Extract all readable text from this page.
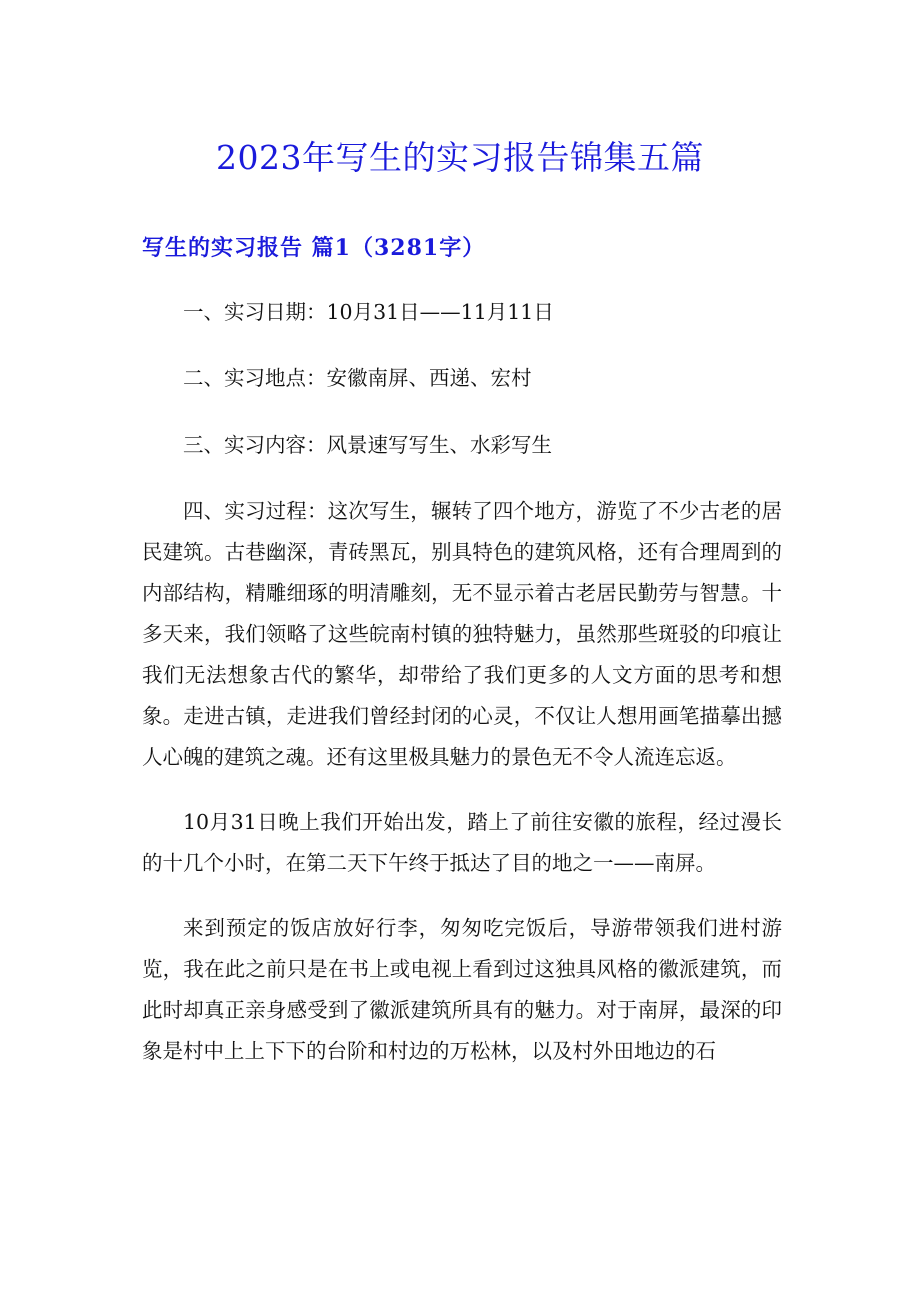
2023年写生的实习报告锦集五篇
写生的实习报告 篇1（3281字）

一、实习日期：10月31日——11月11日

二、实习地点：安徽南屏、西递、宏村

三、实习内容：风景速写写生、水彩写生

四、实习过程：这次写生，辗转了四个地方，游览了不少古老的居民建筑。古巷幽深，青砖黑瓦，别具特色的建筑风格，还有合理周到的内部结构，精雕细琢的明清雕刻，无不显示着古老居民勤劳与智慧。十多天来，我们领略了这些皖南村镇的独特魅力，虽然那些斑驳的印痕让我们无法想象古代的繁华，却带给了我们更多的人文方面的思考和想象。走进古镇，走进我们曾经封闭的心灵，不仅让人想用画笔描摹出撼人心魄的建筑之魂。还有这里极具魅力的景色无不令人流连忘返。

10月31日晚上我们开始出发，踏上了前往安徽的旅程，经过漫长的十几个小时，在第二天下午终于抵达了目的地之一——南屏。

来到预定的饭店放好行李，匆匆吃完饭后，导游带领我们进村游览，我在此之前只是在书上或电视上看到过这独具风格的徽派建筑，而此时却真正亲身感受到了徽派建筑所具有的魅力。对于南屏，最深的印象是村中上上下下的台阶和村边的万松林，以及村外田地边的石
